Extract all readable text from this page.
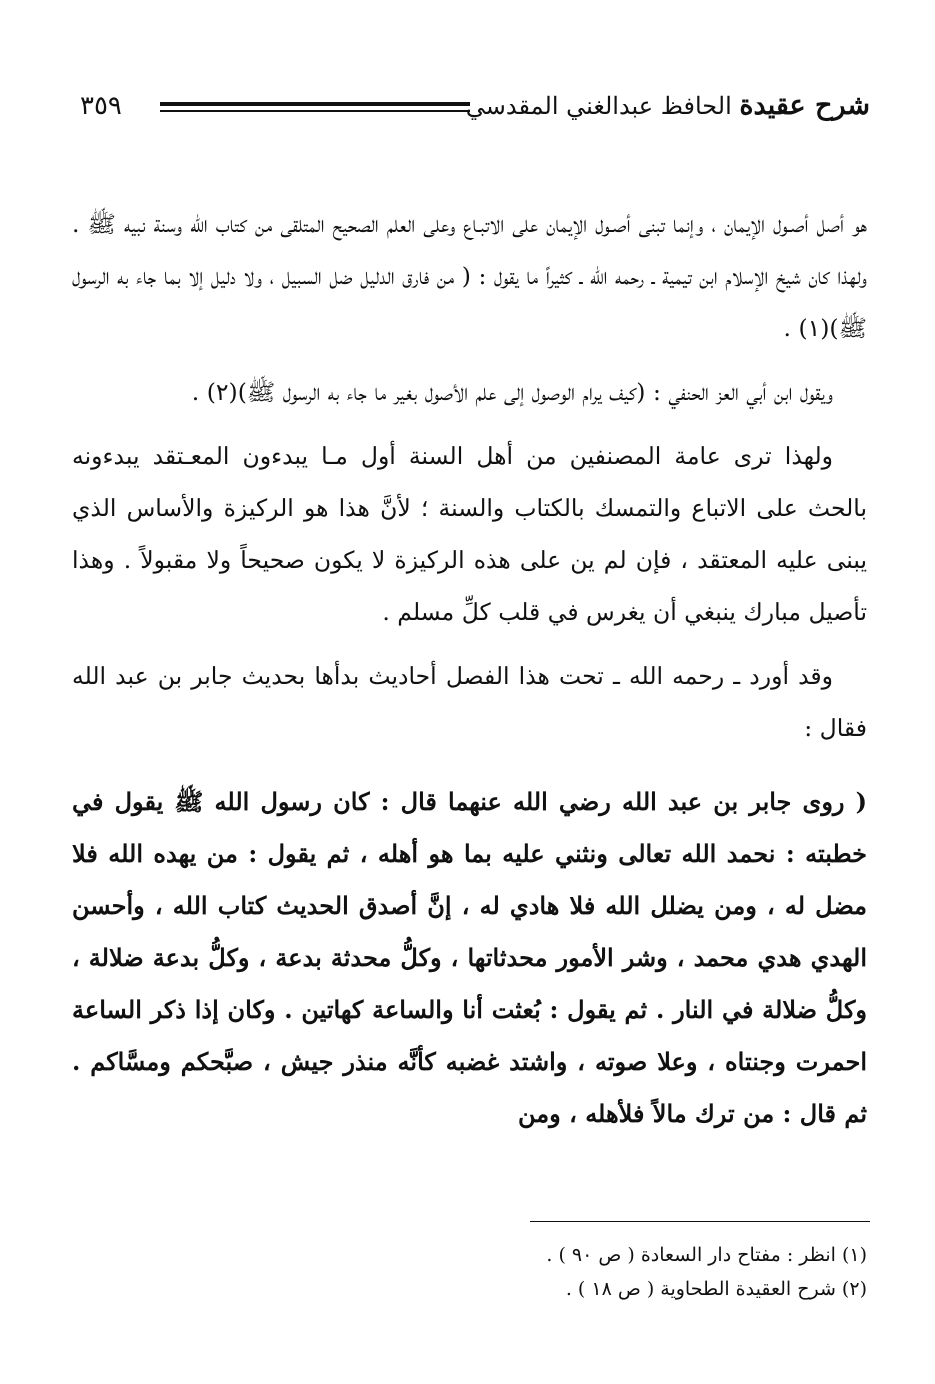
شرح عقيدة الحافظ عبدالغني المقدسي
٣٥٩

هو أصل أصـول الإيمان ، وإنما تبنى أصـول الإيمان على الاتبـاع وعلى العلم الصحيح المتلقى من كتاب الله وسنة نبيه ﷺ . ولهذا كان شيخ الإسلام ابن تيمية ـ رحمه الله ـ كثيراً ما يقول : ( من فارق الدليل ضل السبيل ، ولا دليل إلا بما جاء به الرسول ﷺ)(١) .

ويقول ابن أبي العز الحنفي : (كيف يرام الوصول إلى علم الأصول بغير ما جاء به الرسول ﷺ)(٢) .

ولهذا ترى عامة المصنفين من أهل السنة أول مـا يبدءون المعـتقد يبدءونه بالحث على الاتباع والتمسك بالكتاب والسنة ؛ لأنَّ هذا هو الركيزة والأساس الذي يبنى عليه المعتقد ، فإن لم ين على هذه الركيزة لا يكون صحيحاً ولا مقبولاً . وهذا تأصيل مبارك ينبغي أن يغرس في قلب كلِّ مسلم .

وقد أورد ـ رحمه الله ـ تحت هذا الفصل أحاديث بدأها بحديث جابر بن عبد الله فقال :

( روى جابر بن عبد الله رضي الله عنهما قال : كان رسول الله ﷺ يقول في خطبته : نحمد الله تعالى ونثني عليه بما هو أهله ، ثم يقول : من يهده الله فلا مضل له ، ومن يضلل الله فلا هادي له ، إنَّ أصدق الحديث كتاب الله ، وأحسن الهدي هدي محمد ، وشر الأمور محدثاتها ، وكلُّ محدثة بدعة ، وكلُّ بدعة ضلالة ، وكلُّ ضلالة في النار . ثم يقول : بُعثت أنا والساعة كهاتين . وكان إذا ذكر الساعة احمرت وجنتاه ، وعلا صوته ، واشتد غضبه كأنَّه منذر جيش ، صبَّحكم ومسَّاكم . ثم قال : من ترك مالاً فلأهله ، ومن

(١) انظر : مفتاح دار السعادة ( ص ٩٠ ) .

(٢) شرح العقيدة الطحاوية ( ص ١٨ ) .
